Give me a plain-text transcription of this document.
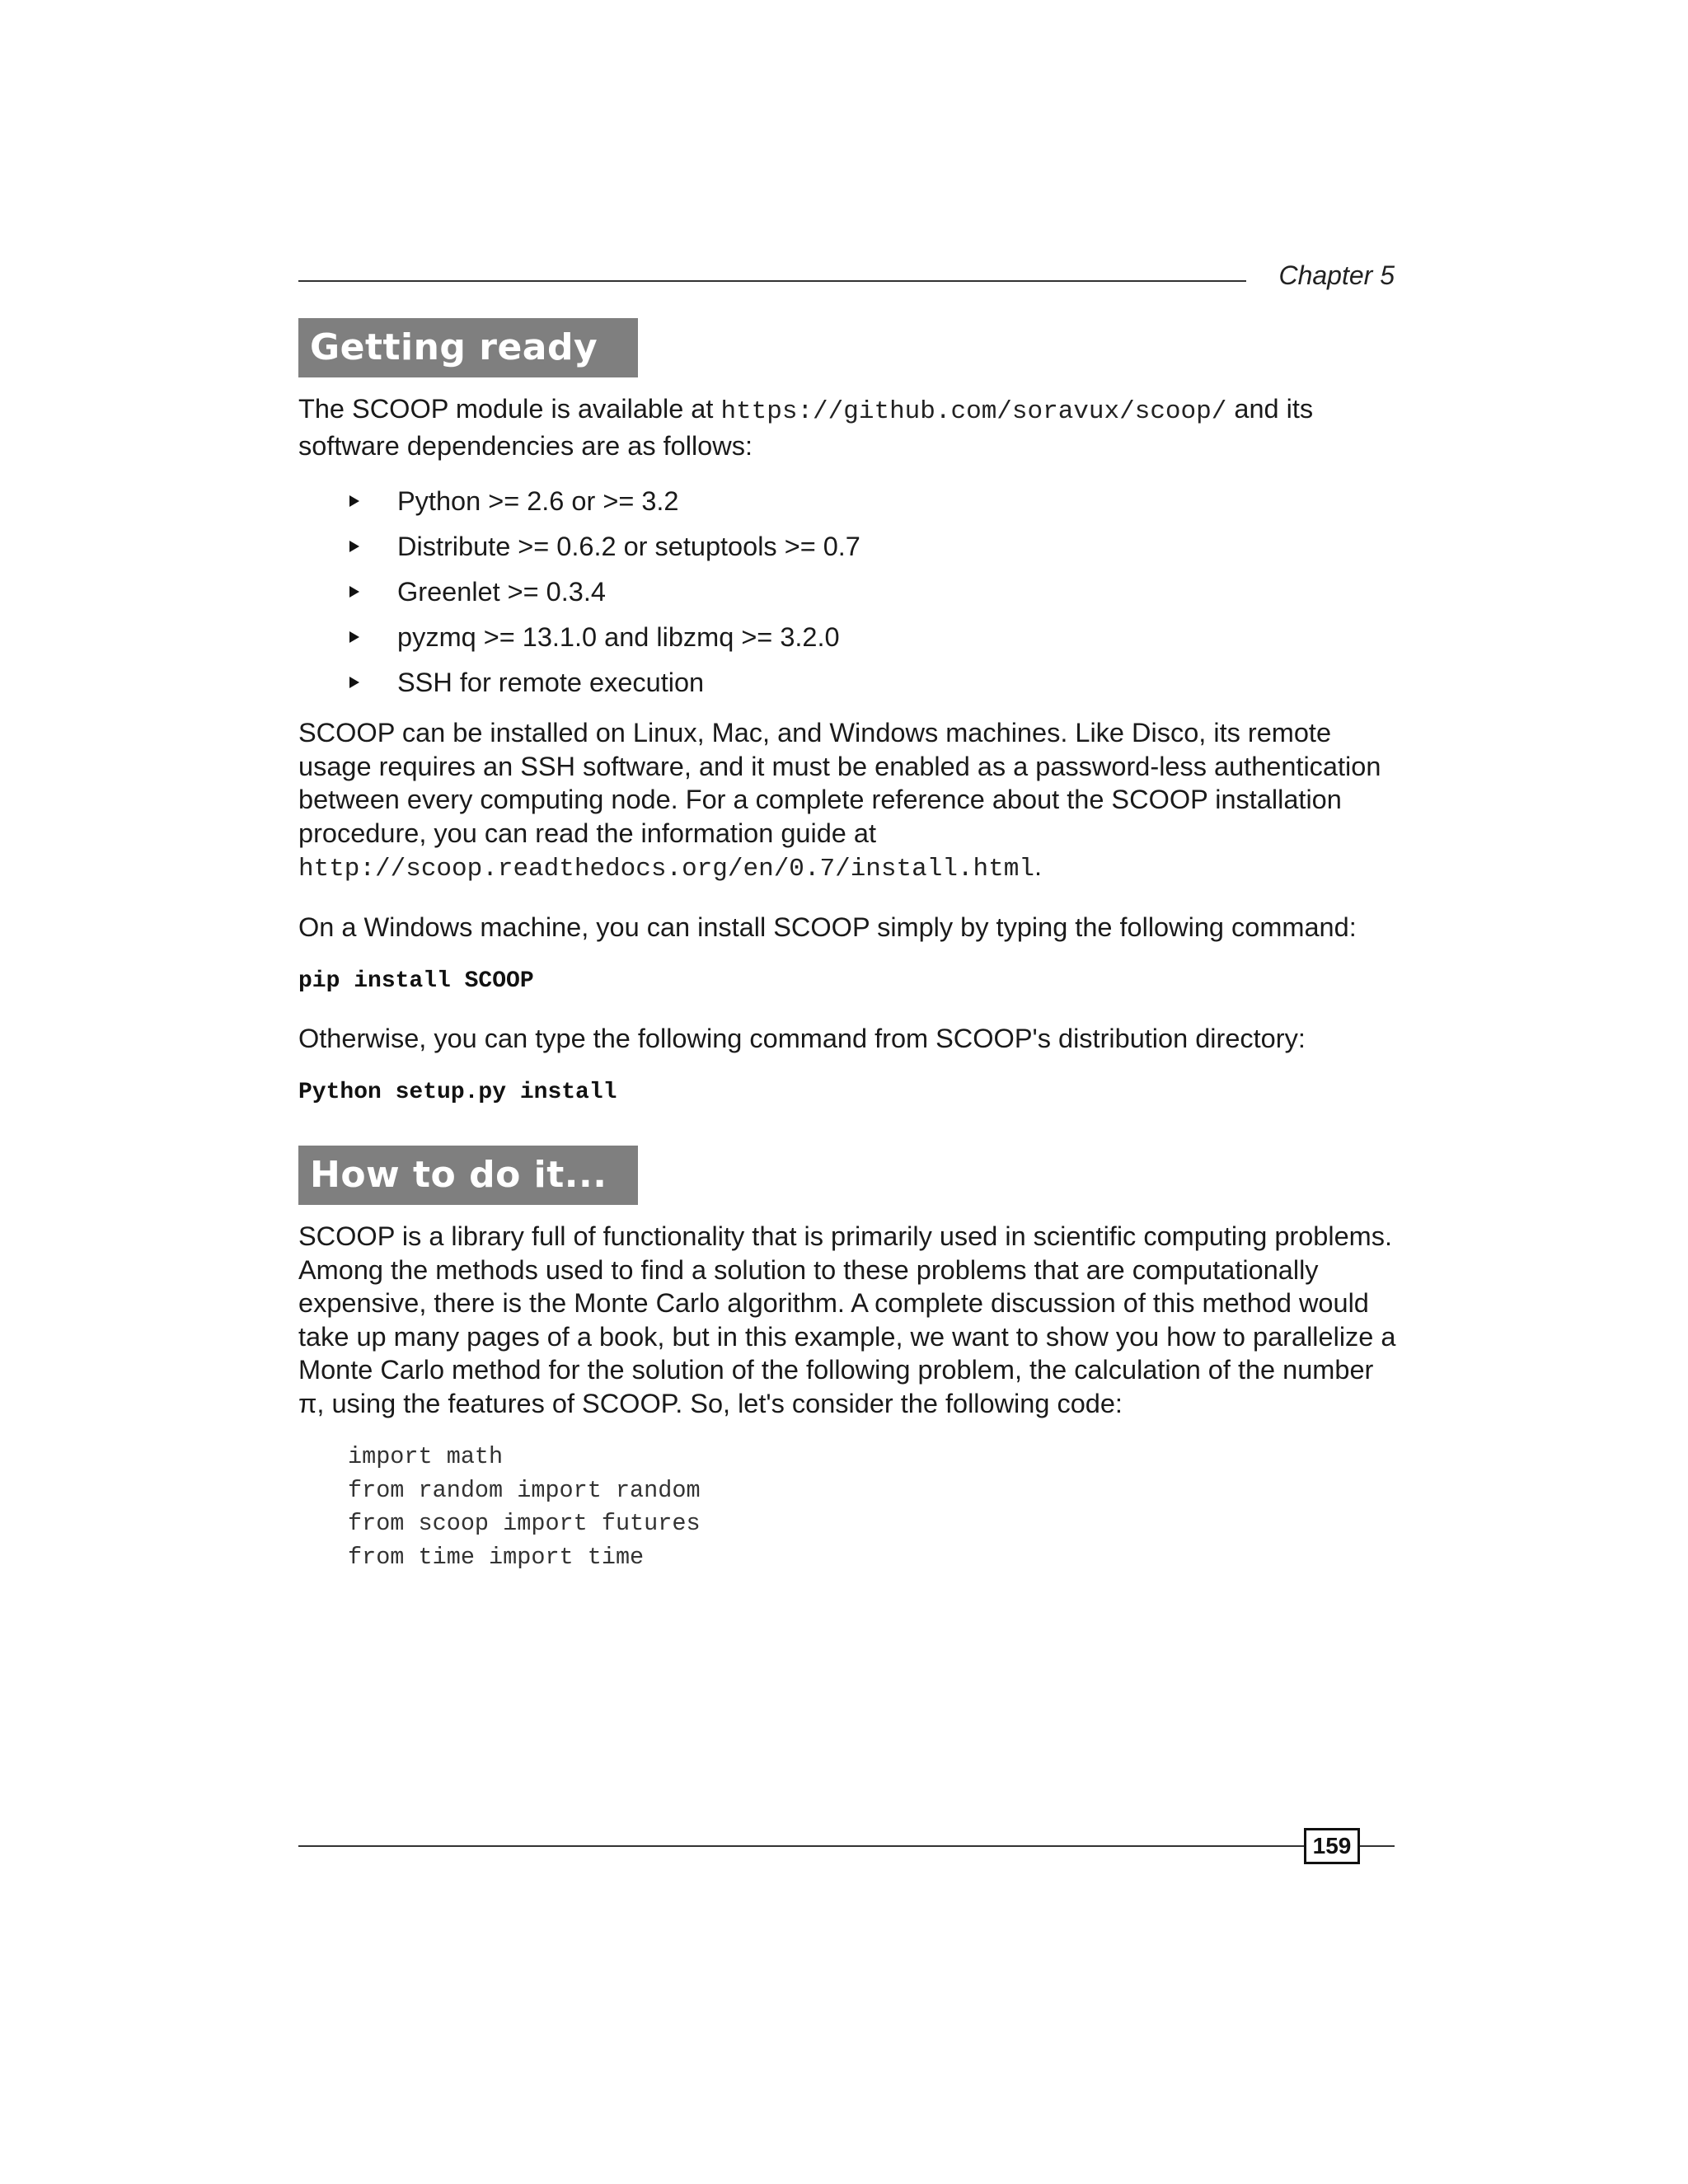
Chapter 5
Getting ready
The SCOOP module is available at https://github.com/soravux/scoop/ and its software dependencies are as follows:
Python >= 2.6 or >= 3.2
Distribute >= 0.6.2 or setuptools >= 0.7
Greenlet >= 0.3.4
pyzmq >= 13.1.0 and libzmq >= 3.2.0
SSH for remote execution
SCOOP can be installed on Linux, Mac, and Windows machines. Like Disco, its remote usage requires an SSH software, and it must be enabled as a password-less authentication between every computing node. For a complete reference about the SCOOP installation procedure, you can read the information guide at http://scoop.readthedocs.org/en/0.7/install.html.
On a Windows machine, you can install SCOOP simply by typing the following command:
pip install SCOOP
Otherwise, you can type the following command from SCOOP's distribution directory:
Python setup.py install
How to do it...
SCOOP is a library full of functionality that is primarily used in scientific computing problems. Among the methods used to find a solution to these problems that are computationally expensive, there is the Monte Carlo algorithm. A complete discussion of this method would take up many pages of a book, but in this example, we want to show you how to parallelize a Monte Carlo method for the solution of the following problem, the calculation of the number π, using the features of SCOOP. So, let's consider the following code:
import math
from random import random
from scoop import futures
from time import time
159
